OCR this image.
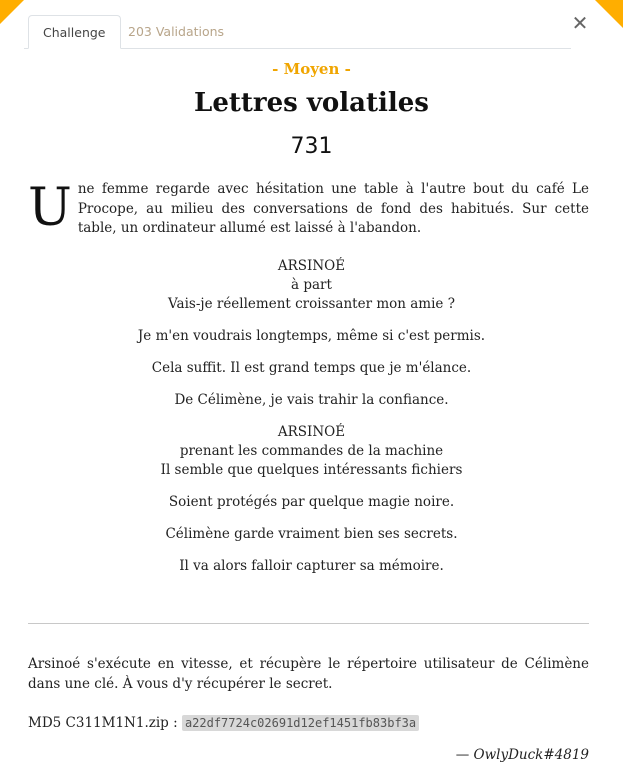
Challenge	203 Validations	✕
- Moyen -
Lettres volatiles
731
Une femme regarde avec hésitation une table à l'autre bout du café Le Procope, au milieu des conversations de fond des habitués. Sur cette table, un ordinateur allumé est laissé à l'abandon.
ARSINOÉ
à part
Vais-je réellement croissanter mon amie ?
Je m'en voudrais longtemps, même si c'est permis.
Cela suffit. Il est grand temps que je m'élance.
De Célimène, je vais trahir la confiance.
ARSINOÉ
prenant les commandes de la machine
Il semble que quelques intéressants fichiers
Soient protégés par quelque magie noire.
Célimène garde vraiment bien ses secrets.
Il va alors falloir capturer sa mémoire.
Arsinoé s'exécute en vitesse, et récupère le répertoire utilisateur de Célimène dans une clé. À vous d'y récupérer le secret.
MD5 C311M1N1.zip : a22df7724c02691d12ef1451fb83bf3a
— OwlyDuck#4819
